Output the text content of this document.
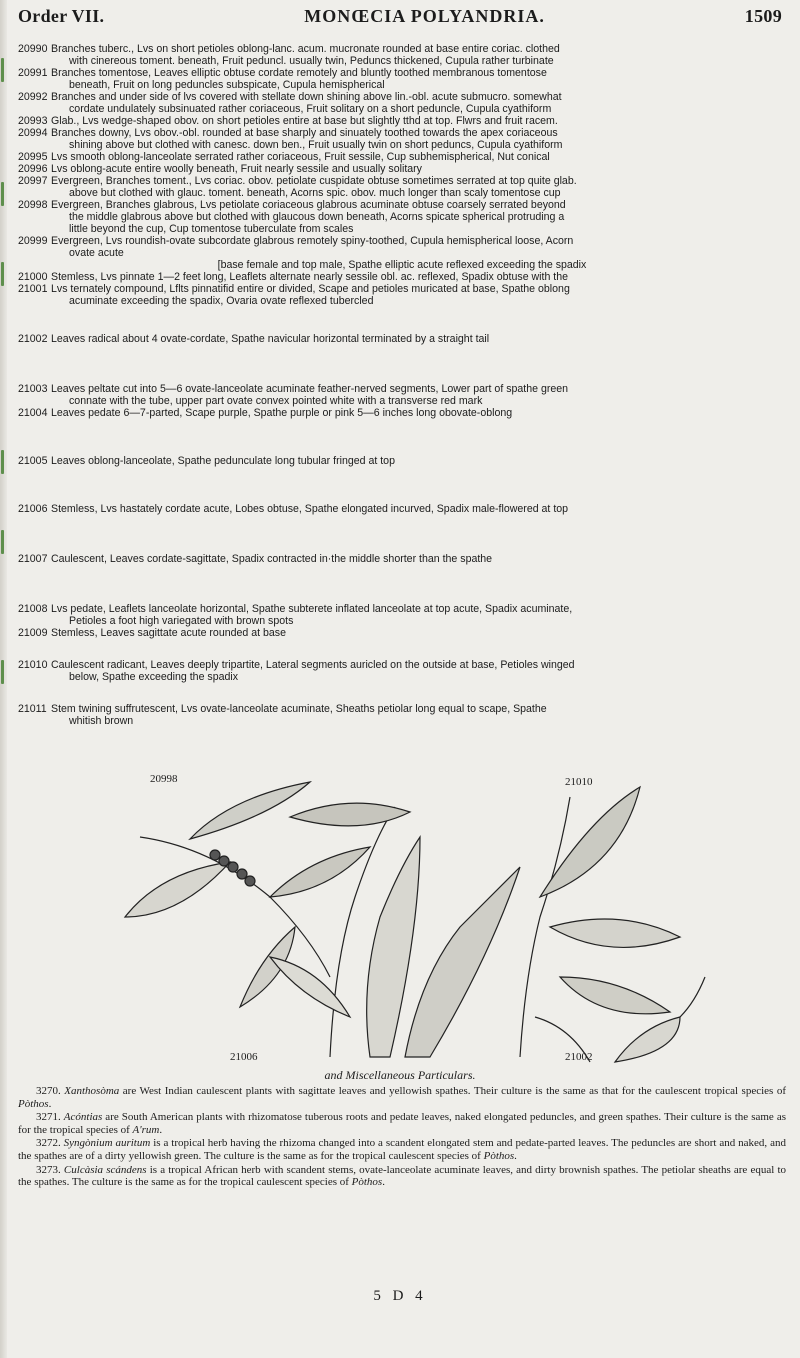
Order VII.	MONŒCIA POLYANDRIA.	1509
20990 Branches tuberc., Lvs on short petioles oblong-lanc. acum. mucronate rounded at base entire coriac. clothed
with cinereous toment. beneath, Fruit peduncl. usually twin, Peduncs thickened, Cupula rather turbinate
20991 Branches tomentose, Leaves elliptic obtuse cordate remotely and bluntly toothed membranous tomentose
beneath, Fruit on long peduncles subspicate, Cupula hemispherical
20992 Branches and under side of lvs covered with stellate down shining above lin.-obl. acute submucro. somewhat
cordate undulately subsinuated rather coriaceous, Fruit solitary on a short peduncle, Cupula cyathiform
20993 Glab., Lvs wedge-shaped obov. on short petioles entire at base but slightly tthd at top. Flwrs and fruit racem.
20994 Branches downy, Lvs obov.-obl. rounded at base sharply and sinuately toothed towards the apex coriaceous
shining above but clothed with canesc. down ben., Fruit usually twin on short peduncs, Cupula cyathiform
20995 Lvs smooth oblong-lanceolate serrated rather coriaceous, Fruit sessile, Cup subhemispherical, Nut conical
20996 Lvs oblong-acute entire woolly beneath, Fruit nearly sessile and usually solitary
20997 Evergreen, Branches toment., Lvs coriac. obov. petiolate cuspidate obtuse sometimes serrated at top quite glab.
above but clothed with glauc. toment. beneath, Acorns spic. obov. much longer than scaly tomentose cup
20998 Evergreen, Branches glabrous, Lvs petiolate coriaceous glabrous acuminate obtuse coarsely serrated beyond
the middle glabrous above but clothed with glaucous down beneath, Acorns spicate spherical protruding a
little beyond the cup, Cup tomentose tuberculate from scales
20999 Evergreen, Lvs roundish-ovate subcordate glabrous remotely spiny-toothed, Cupula hemispherical loose, Acorn
ovate acute
21000 Stemless, Lvs pinnate 1—2 feet long, Leaflets alternate nearly sessile obl. ac. reflexed, Spadix obtuse with the
21001 Lvs ternately compound, Lflts pinnatifid entire or divided, Scape and petioles muricated at base, Spathe oblong
acuminate exceeding the spadix, Ovaria ovate reflexed tubercled
21002 Leaves radical about 4 ovate-cordate, Spathe navicular horizontal terminated by a straight tail
21003 Leaves peltate cut into 5—6 ovate-lanceolate acuminate feather-nerved segments, Lower part of spathe green
connate with the tube, upper part ovate convex pointed white with a transverse red mark
21004 Leaves pedate 6—7-parted, Scape purple, Spathe purple or pink 5—6 inches long obovate-oblong
21005 Leaves oblong-lanceolate, Spathe pedunculate long tubular fringed at top
21006 Stemless, Lvs hastately cordate acute, Lobes obtuse, Spathe elongated incurved, Spadix male-flowered at top
21007 Caulescent, Leaves cordate-sagittate, Spadix contracted in·the middle shorter than the spathe
21008 Lvs pedate, Leaflets lanceolate horizontal, Spathe subterete inflated lanceolate at top acute, Spadix acuminate,
Petioles a foot high variegated with brown spots
21009 Stemless, Leaves sagittate acute rounded at base
21010 Caulescent radicant, Leaves deeply tripartite, Lateral segments auricled on the outside at base, Petioles winged
below, Spathe exceeding the spadix
21011 Stem twining suffrutescent, Lvs ovate-lanceolate acuminate, Sheaths petiolar long equal to scape, Spathe
whitish brown
[base female and top male, Spathe elliptic acute reflexed exceeding the spadix
20998	21010
21006	21002
and Miscellaneous Particulars.

3270. Xanthosòma are West Indian caulescent plants with sagittate leaves and yellowish spathes. Their culture is the same as that for the caulescent tropical species of Pòthos.

3271. Acóntias are South American plants with rhizomatose tuberous roots and pedate leaves, naked elongated peduncles, and green spathes. Their culture is the same as for the tropical species of A'rum.

3272. Syngònium auritum is a tropical herb having the rhizoma changed into a scandent elongated stem and pedate-parted leaves. The peduncles are short and naked, and the spathes are of a dirty yellowish green. The culture is the same as for the tropical caulescent species of Pòthos.

3273. Culcàsia scándens is a tropical African herb with scandent stems, ovate-lanceolate acuminate leaves, and dirty brownish spathes. The petiolar sheaths are equal to the spathes. The culture is the same as for the tropical caulescent species of Pòthos.

5 D 4
